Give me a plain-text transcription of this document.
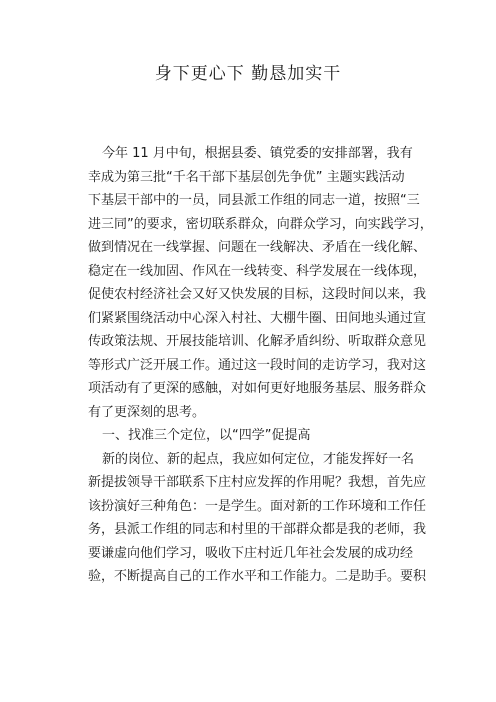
身下更心下 勤恳加实干
今年 11 月中旬，根据县委、镇党委的安排部署，我有
幸成为第三批“千名干部下基层创先争优” 主题实践活动
下基层干部中的一员，同县派工作组的同志一道，按照“三
进三同”的要求，密切联系群众，向群众学习，向实践学习，
做到情况在一线掌握、问题在一线解决、矛盾在一线化解、
稳定在一线加固、作风在一线转变、科学发展在一线体现，
促使农村经济社会又好又快发展的目标，这段时间以来，我
们紧紧围绕活动中心深入村社、大棚牛圈、田间地头通过宣
传政策法规、开展技能培训、化解矛盾纠纷、听取群众意见
等形式广泛开展工作。通过这一段时间的走访学习，我对这
项活动有了更深的感触，对如何更好地服务基层、服务群众
有了更深刻的思考。
一、找准三个定位，以“四学”促提高
新的岗位、新的起点，我应如何定位，才能发挥好一名
新提拔领导干部联系下庄村应发挥的作用呢？我想，首先应
该扮演好三种角色：一是学生。面对新的工作环境和工作任
务，县派工作组的同志和村里的干部群众都是我的老师，我
要谦虚向他们学习，吸收下庄村近几年社会发展的成功经
验，不断提高自己的工作水平和工作能力。二是助手。要积
